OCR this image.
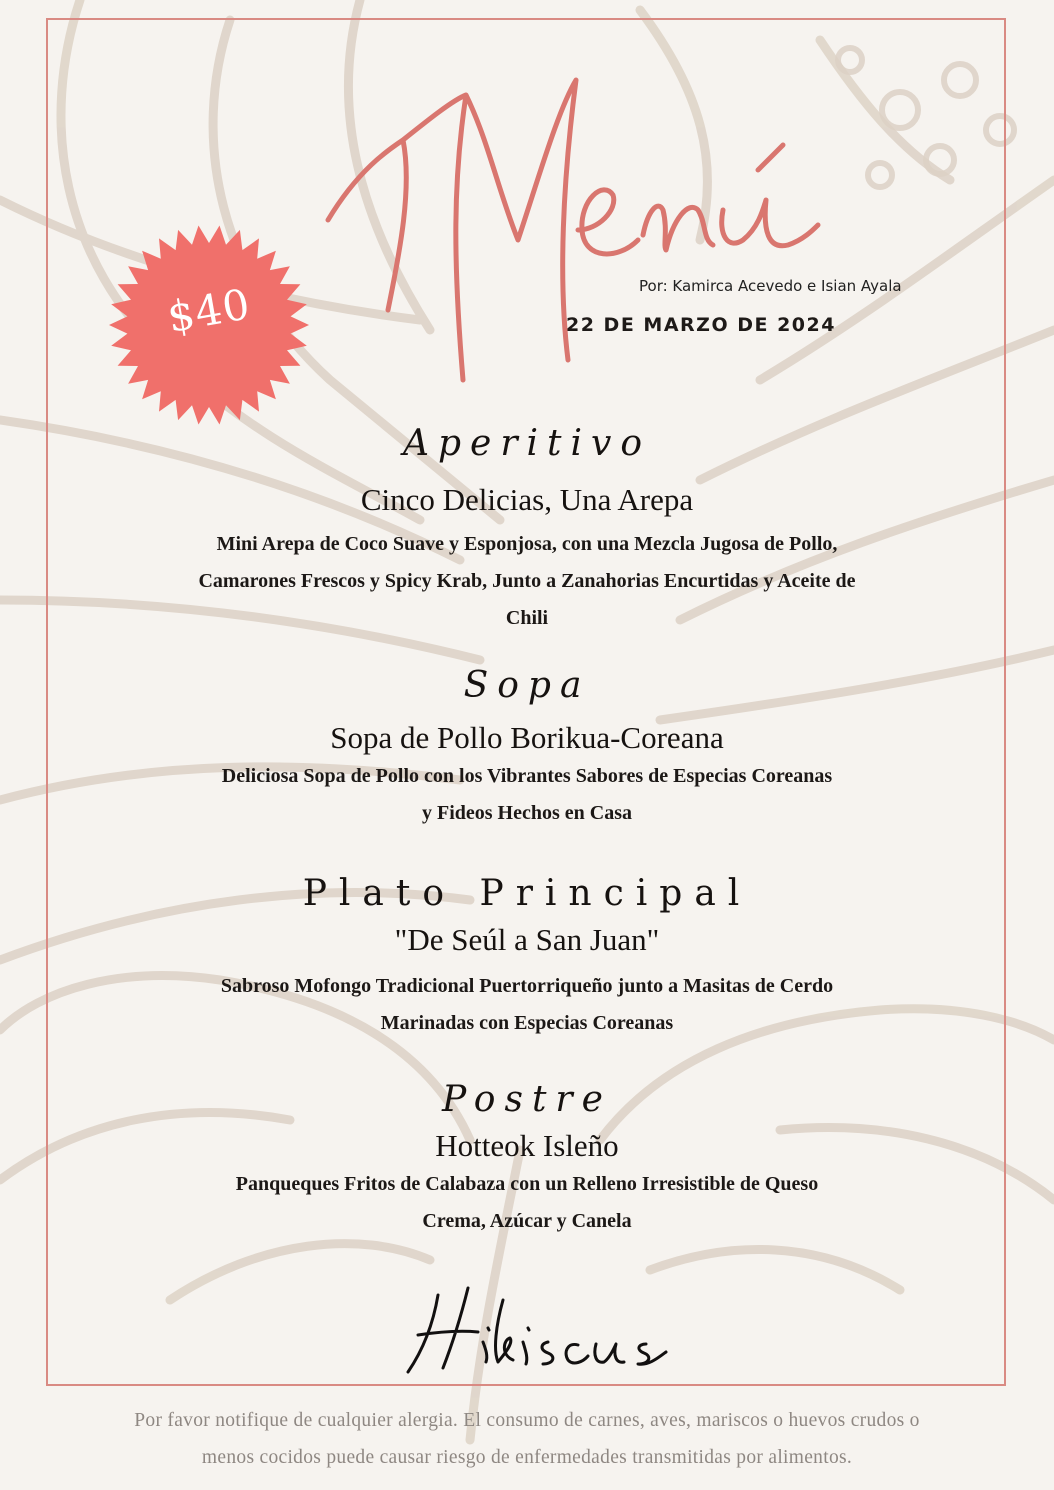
$40	Por: Kamirca Acevedo e Isian Ayala
22 DE MARZO DE 2024
Aperitivo

Cinco Delicias, Una Arepa

Mini Arepa de Coco Suave y Esponjosa, con una Mezcla Jugosa de Pollo,

Camarones Frescos y Spicy Krab, Junto a Zanahorias Encurtidas y Aceite de

Chili

Sopa

Sopa de Pollo Borikua-Coreana

Deliciosa Sopa de Pollo con los Vibrantes Sabores de Especias Coreanas

y Fideos Hechos en Casa

Plato Principal

"De Seúl a San Juan"

Sabroso Mofongo Tradicional Puertorriqueño junto a Masitas de Cerdo

Marinadas con Especias Coreanas

Postre

Hotteok Isleño

Panqueques Fritos de Calabaza con un Relleno Irresistible de Queso

Crema, Azúcar y Canela

Por favor notifique de cualquier alergia. El consumo de carnes, aves, mariscos o huevos crudos o
menos cocidos puede causar riesgo de enfermedades transmitidas por alimentos.
